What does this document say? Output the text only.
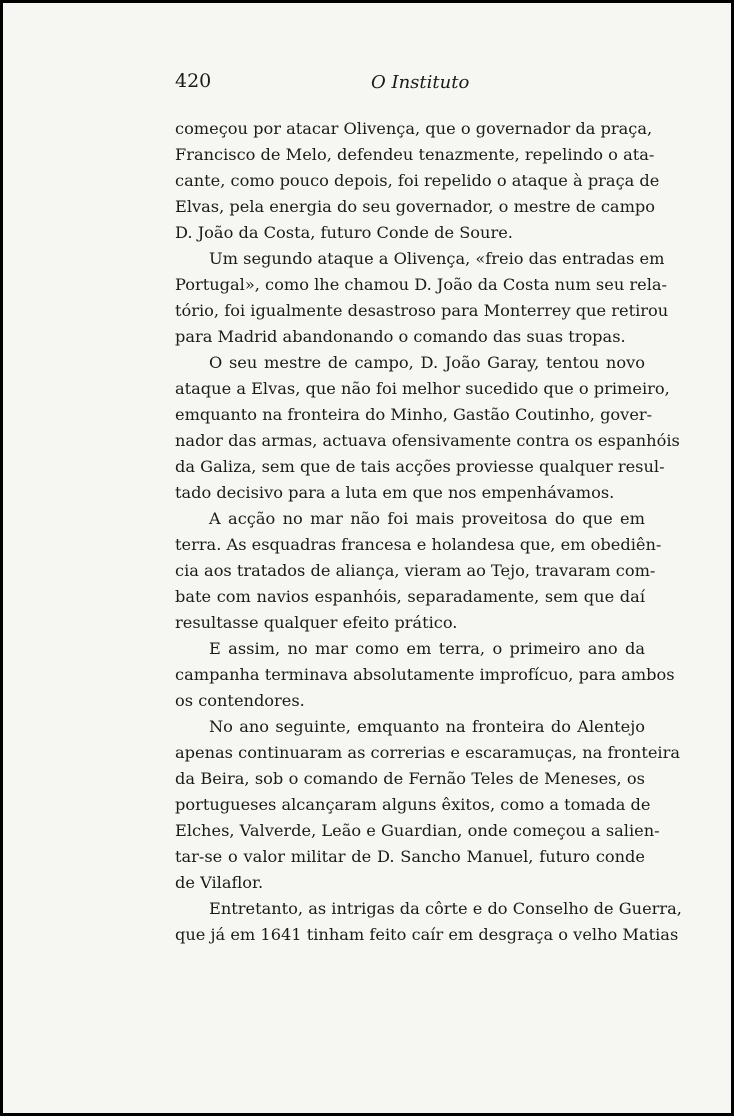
420	O Instituto
começou por atacar Olivença, que o governador da praça,
Francisco de Melo, defendeu tenazmente, repelindo o ata-
cante, como pouco depois, foi repelido o ataque à praça de
Elvas, pela energia do seu governador, o mestre de campo
D. João da Costa, futuro Conde de Soure.
Um segundo ataque a Olivença, «freio das entradas em
Portugal», como lhe chamou D. João da Costa num seu rela-
tório, foi igualmente desastroso para Monterrey que retirou
para Madrid abandonando o comando das suas tropas.
O seu mestre de campo, D. João Garay, tentou novo
ataque a Elvas, que não foi melhor sucedido que o primeiro,
emquanto na fronteira do Minho, Gastão Coutinho, gover-
nador das armas, actuava ofensivamente contra os espanhóis
da Galiza, sem que de tais acções proviesse qualquer resul-
tado decisivo para a luta em que nos empenhávamos.
A acção no mar não foi mais proveitosa do que em
terra. As esquadras francesa e holandesa que, em obediên-
cia aos tratados de aliança, vieram ao Tejo, travaram com-
bate com navios espanhóis, separadamente, sem que daí
resultasse qualquer efeito prático.
E assim, no mar como em terra, o primeiro ano da
campanha terminava absolutamente improfícuo, para ambos
os contendores.
No ano seguinte, emquanto na fronteira do Alentejo
apenas continuaram as correrias e escaramuças, na fronteira
da Beira, sob o comando de Fernão Teles de Meneses, os
portugueses alcançaram alguns êxitos, como a tomada de
Elches, Valverde, Leão e Guardian, onde começou a salien-
tar-se o valor militar de D. Sancho Manuel, futuro conde
de Vilaflor.
Entretanto, as intrigas da côrte e do Conselho de Guerra,
que já em 1641 tinham feito caír em desgraça o velho Matias
